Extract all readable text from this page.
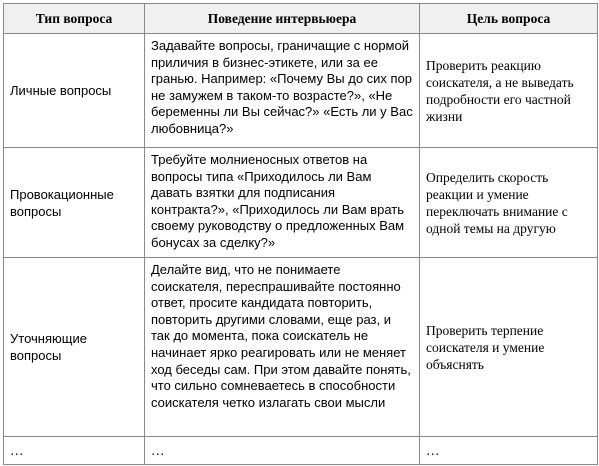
Тип вопроса	Поведение интервьюера	Цель вопроса
Личные вопросы	Задавайте вопросы, граничащие с нормой приличия в бизнес-этикете, или за ее гранью. Например: «Почему Вы до сих пор не замужем в таком-то возрасте?», «Не беременны ли Вы сейчас?» «Есть ли у Вас любовница?»	Проверить реакцию соискателя, а не выведать подробности его частной жизни
Провокационные вопросы	Требуйте молниеносных ответов на вопросы типа «Приходилось ли Вам давать взятки для подписания контракта?», «Приходилось ли Вам врать своему руководству о предложенных Вам бонусах за сделку?»	Определить скорость реакции и умение переключать внимание с одной темы на другую
Уточняющие вопросы	Делайте вид, что не понимаете соискателя, переспрашивайте постоянно ответ, просите кандидата повторить, повторить другими словами, еще раз, и так до момента, пока соискатель не начинает ярко реагировать или не меняет ход беседы сам. При этом давайте понять, что сильно сомневаетесь в способности соискателя четко излагать свои мысли	Проверить терпение соискателя и умение объяснять
…	…	…
